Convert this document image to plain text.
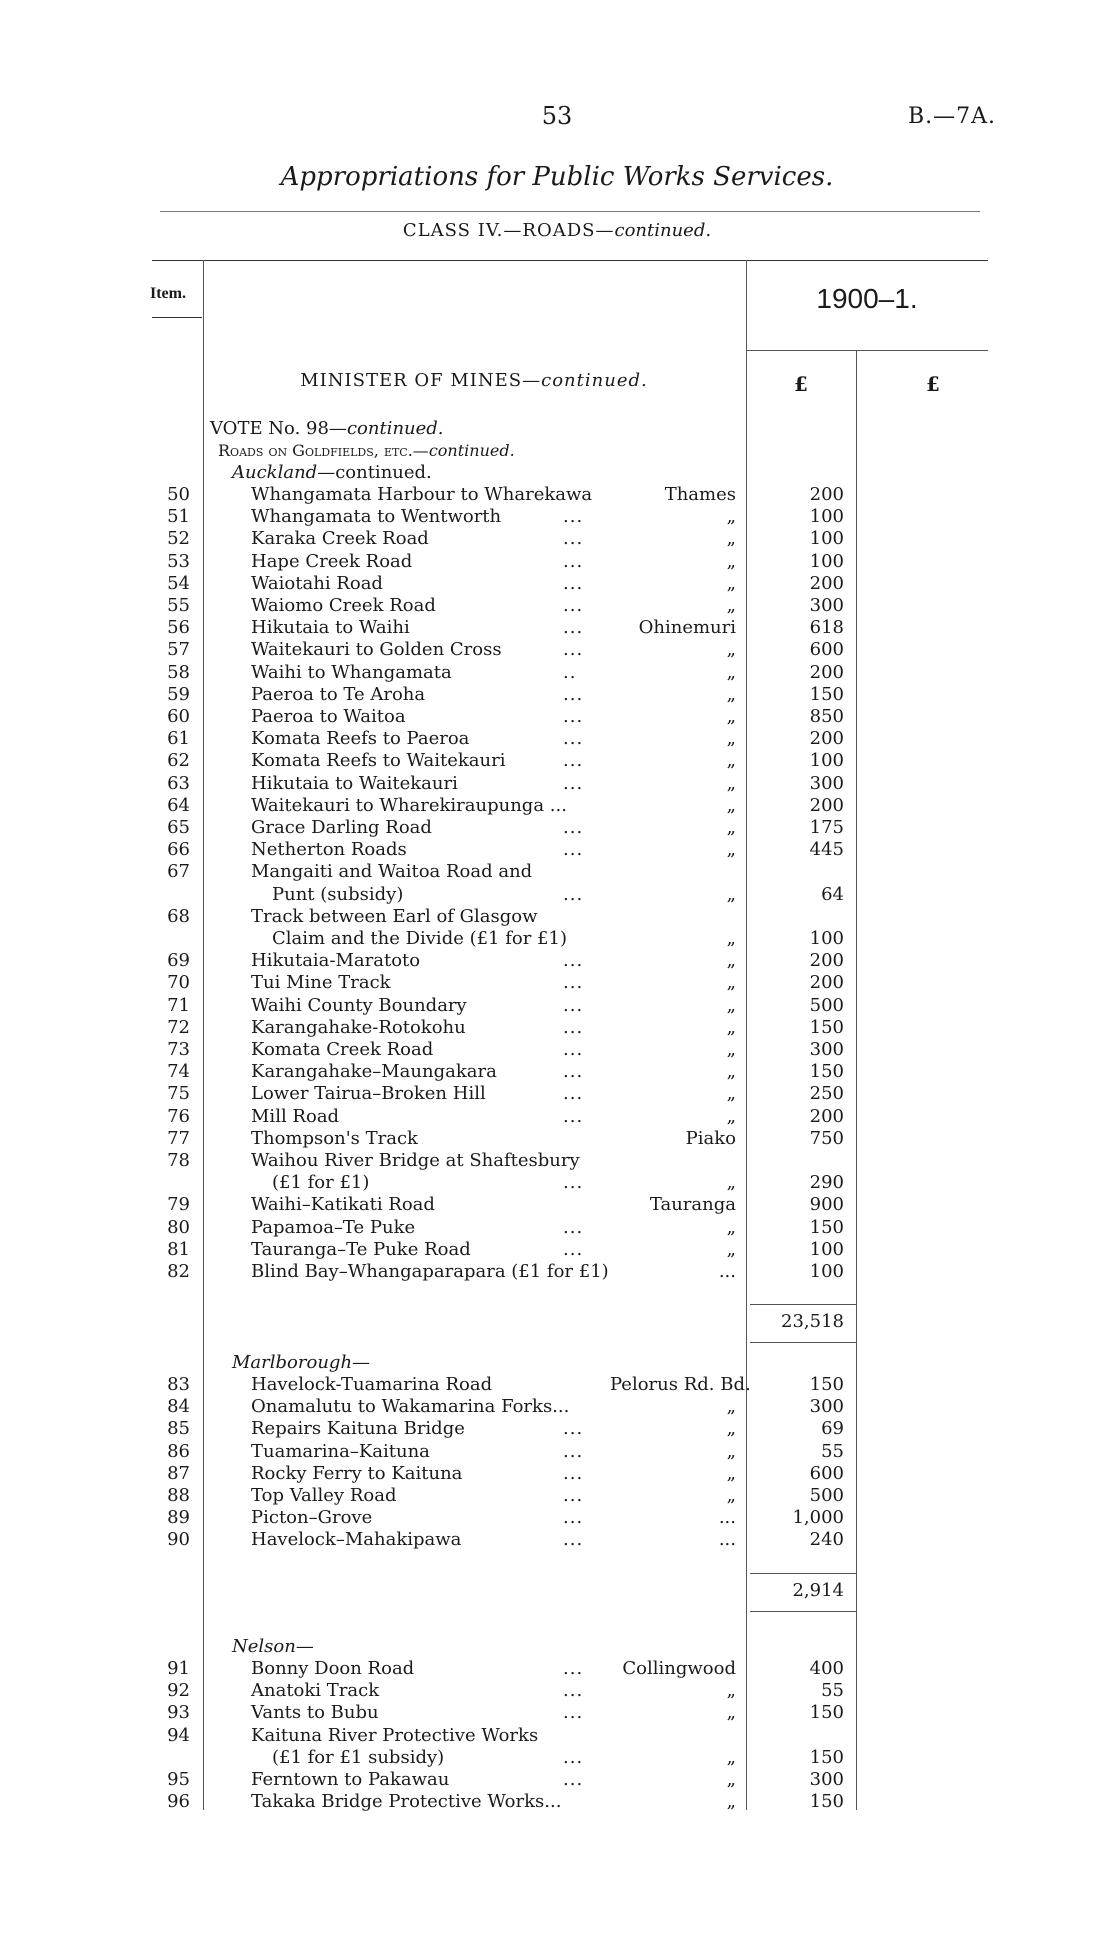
53	B.—7A.
Appropriations for Public Works Services.
CLASS IV.—ROADS—continued.
Item.	1900–1.
MINISTER OF MINES—continued.	£	£
VOTE No. 98—continued.
Roads on Goldfields, etc.—continued.
Auckland—continued.
50	Whangamata Harbour to Wharekawa	Thames	200
51	Whangamata to Wentworth	...	„	100
52	Karaka Creek Road	...	„	100
53	Hape Creek Road	...	„	100
54	Waiotahi Road	...	„	200
55	Waiomo Creek Road	...	„	300
56	Hikutaia to Waihi	...	Ohinemuri	618
57	Waitekauri to Golden Cross	...	„	600
58	Waihi to Whangamata	..	„	200
59	Paeroa to Te Aroha	...	„	150
60	Paeroa to Waitoa	...	„	850
61	Komata Reefs to Paeroa	...	„	200
62	Komata Reefs to Waitekauri	...	„	100
63	Hikutaia to Waitekauri	...	„	300
64	Waitekauri to Wharekiraupunga ...	„	200
65	Grace Darling Road	...	„	175
66	Netherton Roads	...	„	445
67	Mangaiti and Waitoa Road and
Punt (subsidy)	...	„	64
68	Track between Earl of Glasgow
Claim and the Divide (£1 for £1)	„	100
69	Hikutaia-Maratoto	...	„	200
70	Tui Mine Track	...	„	200
71	Waihi County Boundary	...	„	500
72	Karangahake-Rotokohu	...	„	150
73	Komata Creek Road	...	„	300
74	Karangahake–Maungakara	...	„	150
75	Lower Tairua–Broken Hill	...	„	250
76	Mill Road	...	„	200
77	Thompson's Track	Piako	750
78	Waihou River Bridge at Shaftesbury
(£1 for £1)	...	„	290
79	Waihi–Katikati Road	Tauranga	900
80	Papamoa–Te Puke	...	„	150
81	Tauranga–Te Puke Road	...	„	100
82	Blind Bay–Whangaparapara (£1 for £1)	...	100
23,518
Marlborough—
83	Havelock-Tuamarina Road	Pelorus Rd. Bd.	150
84	Onamalutu to Wakamarina Forks...	„	300
85	Repairs Kaituna Bridge	...	„	69
86	Tuamarina–Kaituna	...	„	55
87	Rocky Ferry to Kaituna	...	„	600
88	Top Valley Road	...	„	500
89	Picton–Grove	...	...	1,000
90	Havelock–Mahakipawa	...	...	240
2,914
Nelson—
91	Bonny Doon Road	...	Collingwood	400
92	Anatoki Track	...	„	55
93	Vants to Bubu	...	„	150
94	Kaituna River Protective Works
(£1 for £1 subsidy)	...	„	150
95	Ferntown to Pakawau	...	„	300
96	Takaka Bridge Protective Works...	„	150
